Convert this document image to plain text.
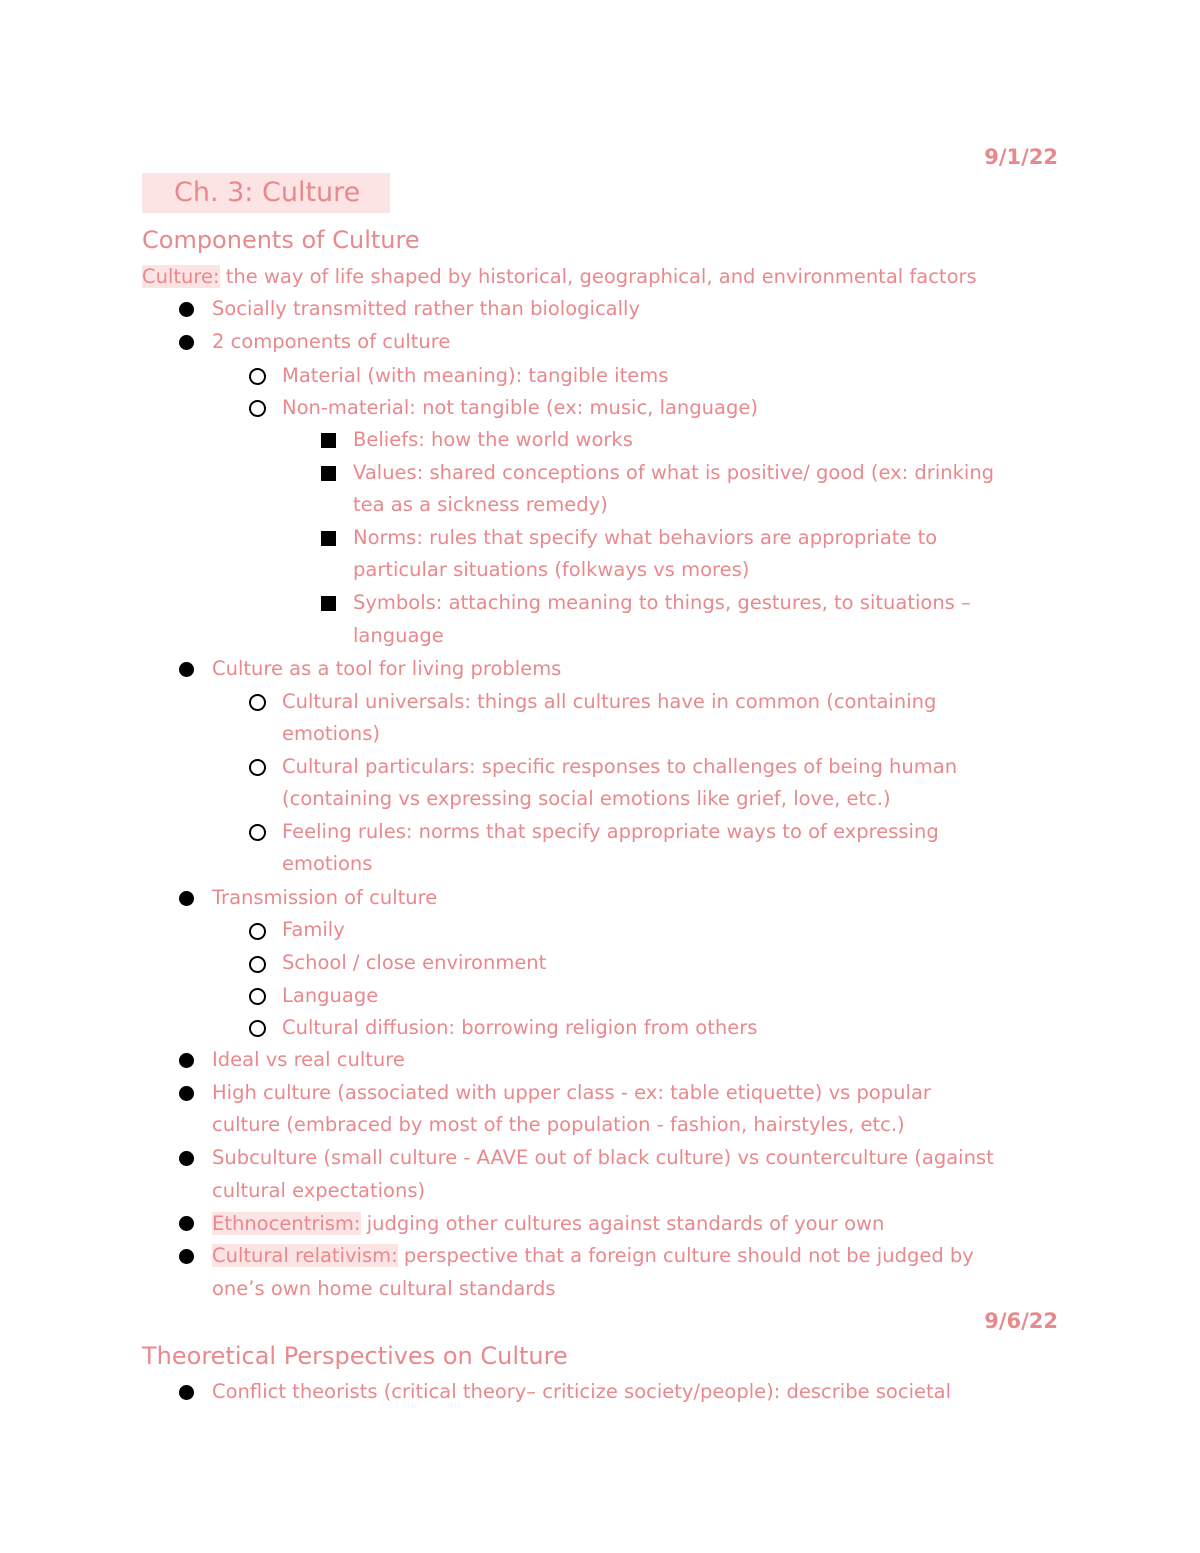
9/1/22
Ch. 3: Culture
Components of Culture
Culture: the way of life shaped by historical, geographical, and environmental factors
Socially transmitted rather than biologically
2 components of culture
Material (with meaning): tangible items
Non-material: not tangible (ex: music, language)
Beliefs: how the world works
Values: shared conceptions of what is positive/ good (ex: drinking
tea as a sickness remedy)
Norms: rules that specify what behaviors are appropriate to
particular situations (folkways vs mores)
Symbols: attaching meaning to things, gestures, to situations –
language
Culture as a tool for living problems
Cultural universals: things all cultures have in common (containing
emotions)
Cultural particulars: specific responses to challenges of being human
(containing vs expressing social emotions like grief, love, etc.)
Feeling rules: norms that specify appropriate ways to of expressing
emotions
Transmission of culture
Family
School / close environment
Language
Cultural diffusion: borrowing religion from others
Ideal vs real culture
High culture (associated with upper class - ex: table etiquette) vs popular
culture (embraced by most of the population - fashion, hairstyles, etc.)
Subculture (small culture - AAVE out of black culture) vs counterculture (against
cultural expectations)
Ethnocentrism: judging other cultures against standards of your own
Cultural relativism: perspective that a foreign culture should not be judged by
one’s own home cultural standards
9/6/22
Theoretical Perspectives on Culture
Conflict theorists (critical theory– criticize society/people): describe societal
